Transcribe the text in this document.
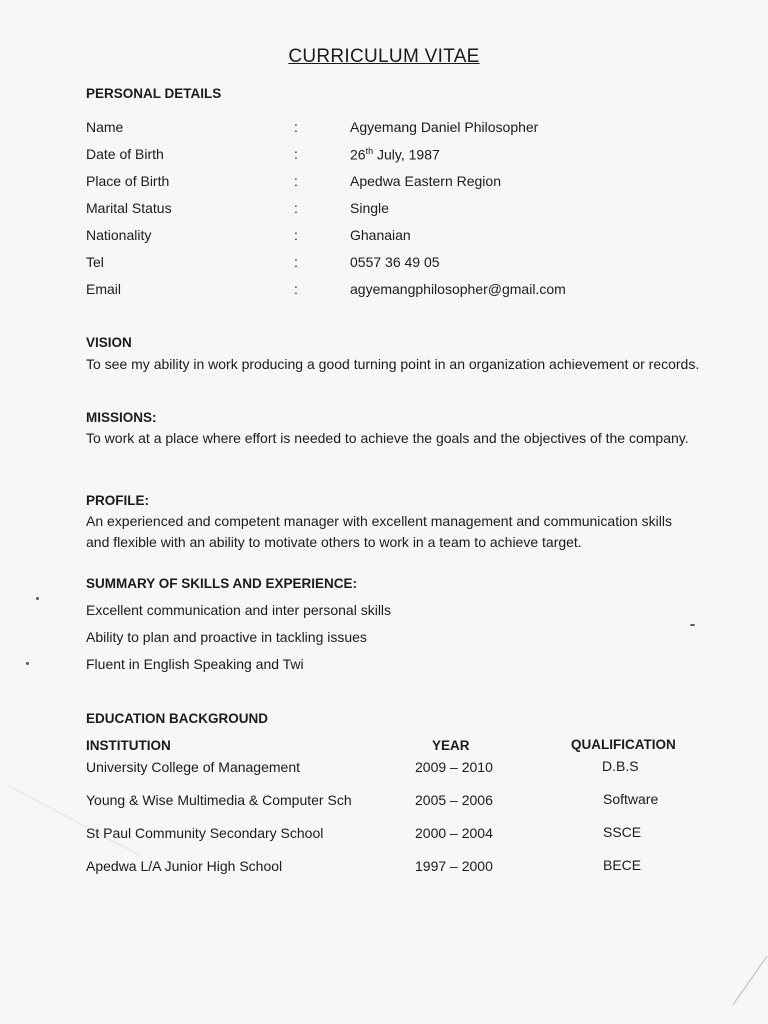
CURRICULUM VITAE
PERSONAL DETAILS
Name	:	Agyemang Daniel Philosopher
Date of Birth	:	26th July, 1987
Place of Birth	:	Apedwa Eastern Region
Marital Status	:	Single
Nationality	:	Ghanaian
Tel	:	0557 36 49 05
Email	:	agyemangphilosopher@gmail.com
VISION
To see my ability in work producing a good turning point in an organization achievement or records.
MISSIONS:
To work at a place where effort is needed to achieve the goals and the objectives of the company.
PROFILE:
An experienced and competent manager with excellent management and communication skills and flexible with an ability to motivate others to work in a team to achieve target.
SUMMARY OF SKILLS AND EXPERIENCE:
Excellent communication and inter personal skills
Ability to plan and proactive in tackling issues
Fluent in English Speaking and Twi
EDUCATION BACKGROUND
INSTITUTION	YEAR	QUALIFICATION
University College of Management	2009 – 2010	D.B.S
Young & Wise Multimedia & Computer Sch	2005 – 2006	Software
St Paul Community Secondary School	2000 – 2004	SSCE
Apedwa L/A Junior High School	1997 – 2000	BECE
